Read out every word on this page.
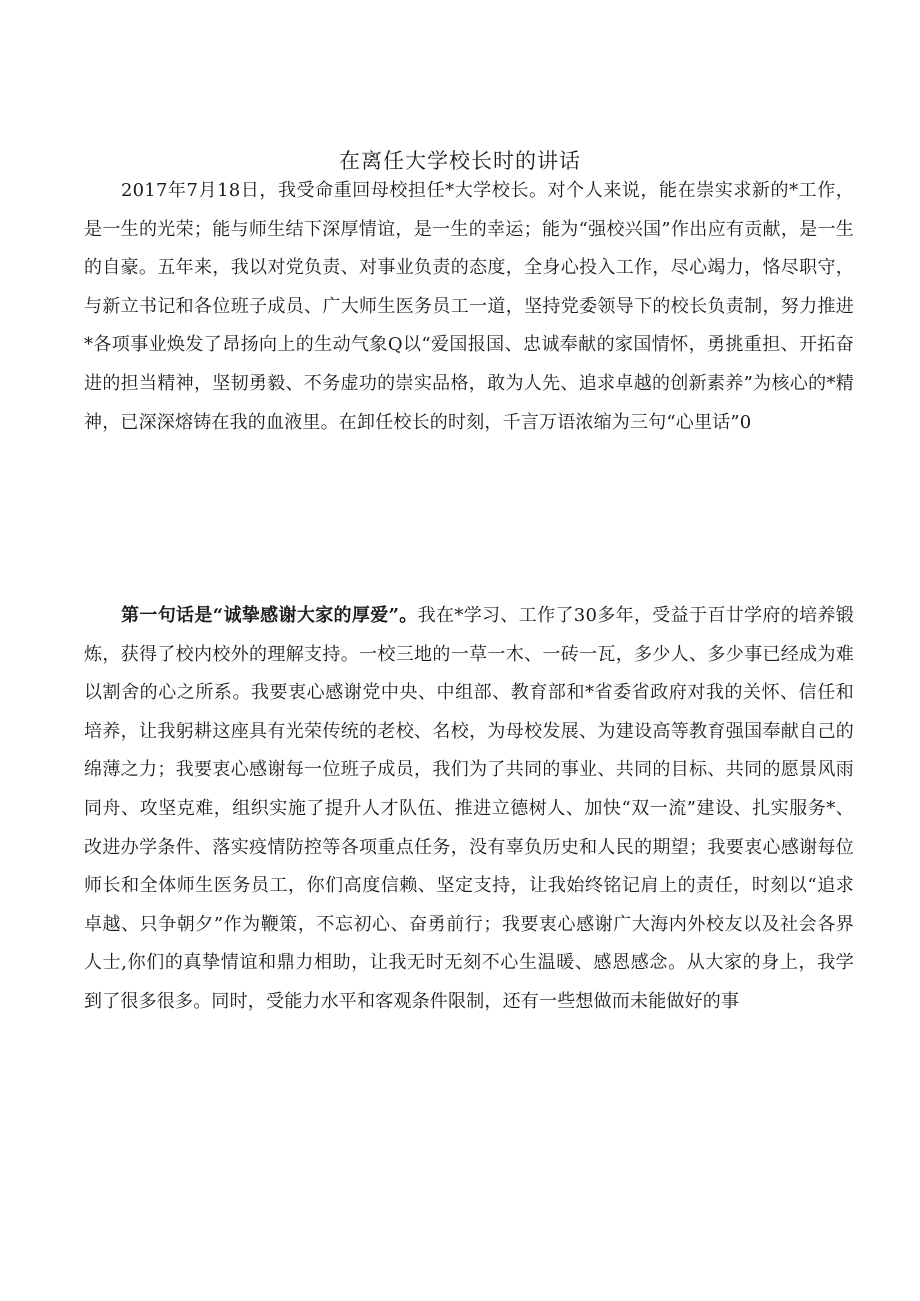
在离任大学校长时的讲话

2017年7月18日，我受命重回母校担任*大学校长。对个人来说，能在崇实求新的*工作，是一生的光荣；能与师生结下深厚情谊，是一生的幸运；能为“强校兴国”作出应有贡献，是一生的自豪。五年来，我以对党负责、对事业负责的态度，全身心投入工作，尽心竭力，恪尽职守，与新立书记和各位班子成员、广大师生医务员工一道，坚持党委领导下的校长负责制，努力推进*各项事业焕发了昂扬向上的生动气象Q以“爱国报国、忠诚奉献的家国情怀，勇挑重担、开拓奋进的担当精神，坚韧勇毅、不务虚功的崇实品格，敢为人先、追求卓越的创新素养”为核心的*精神，已深深熔铸在我的血液里。在卸任校长的时刻，千言万语浓缩为三句“心里话”0

第一句话是“诚挚感谢大家的厚爱”。我在*学习、工作了30多年，受益于百廿学府的培养锻炼，获得了校内校外的理解支持。一校三地的一草一木、一砖一瓦，多少人、多少事已经成为难以割舍的心之所系。我要衷心感谢党中央、中组部、教育部和*省委省政府对我的关怀、信任和培养，让我躬耕这座具有光荣传统的老校、名校，为母校发展、为建设高等教育强国奉献自己的绵薄之力；我要衷心感谢每一位班子成员，我们为了共同的事业、共同的目标、共同的愿景风雨同舟、攻坚克难，组织实施了提升人才队伍、推进立德树人、加快“双一流”建设、扎实服务*、改进办学条件、落实疫情防控等各项重点任务，没有辜负历史和人民的期望；我要衷心感谢每位师长和全体师生医务员工，你们高度信赖、坚定支持，让我始终铭记肩上的责任，时刻以“追求卓越、只争朝夕”作为鞭策，不忘初心、奋勇前行；我要衷心感谢广大海内外校友以及社会各界人士,你们的真挚情谊和鼎力相助，让我无时无刻不心生温暖、感恩感念。从大家的身上，我学到了很多很多。同时，受能力水平和客观条件限制，还有一些想做而未能做好的事
